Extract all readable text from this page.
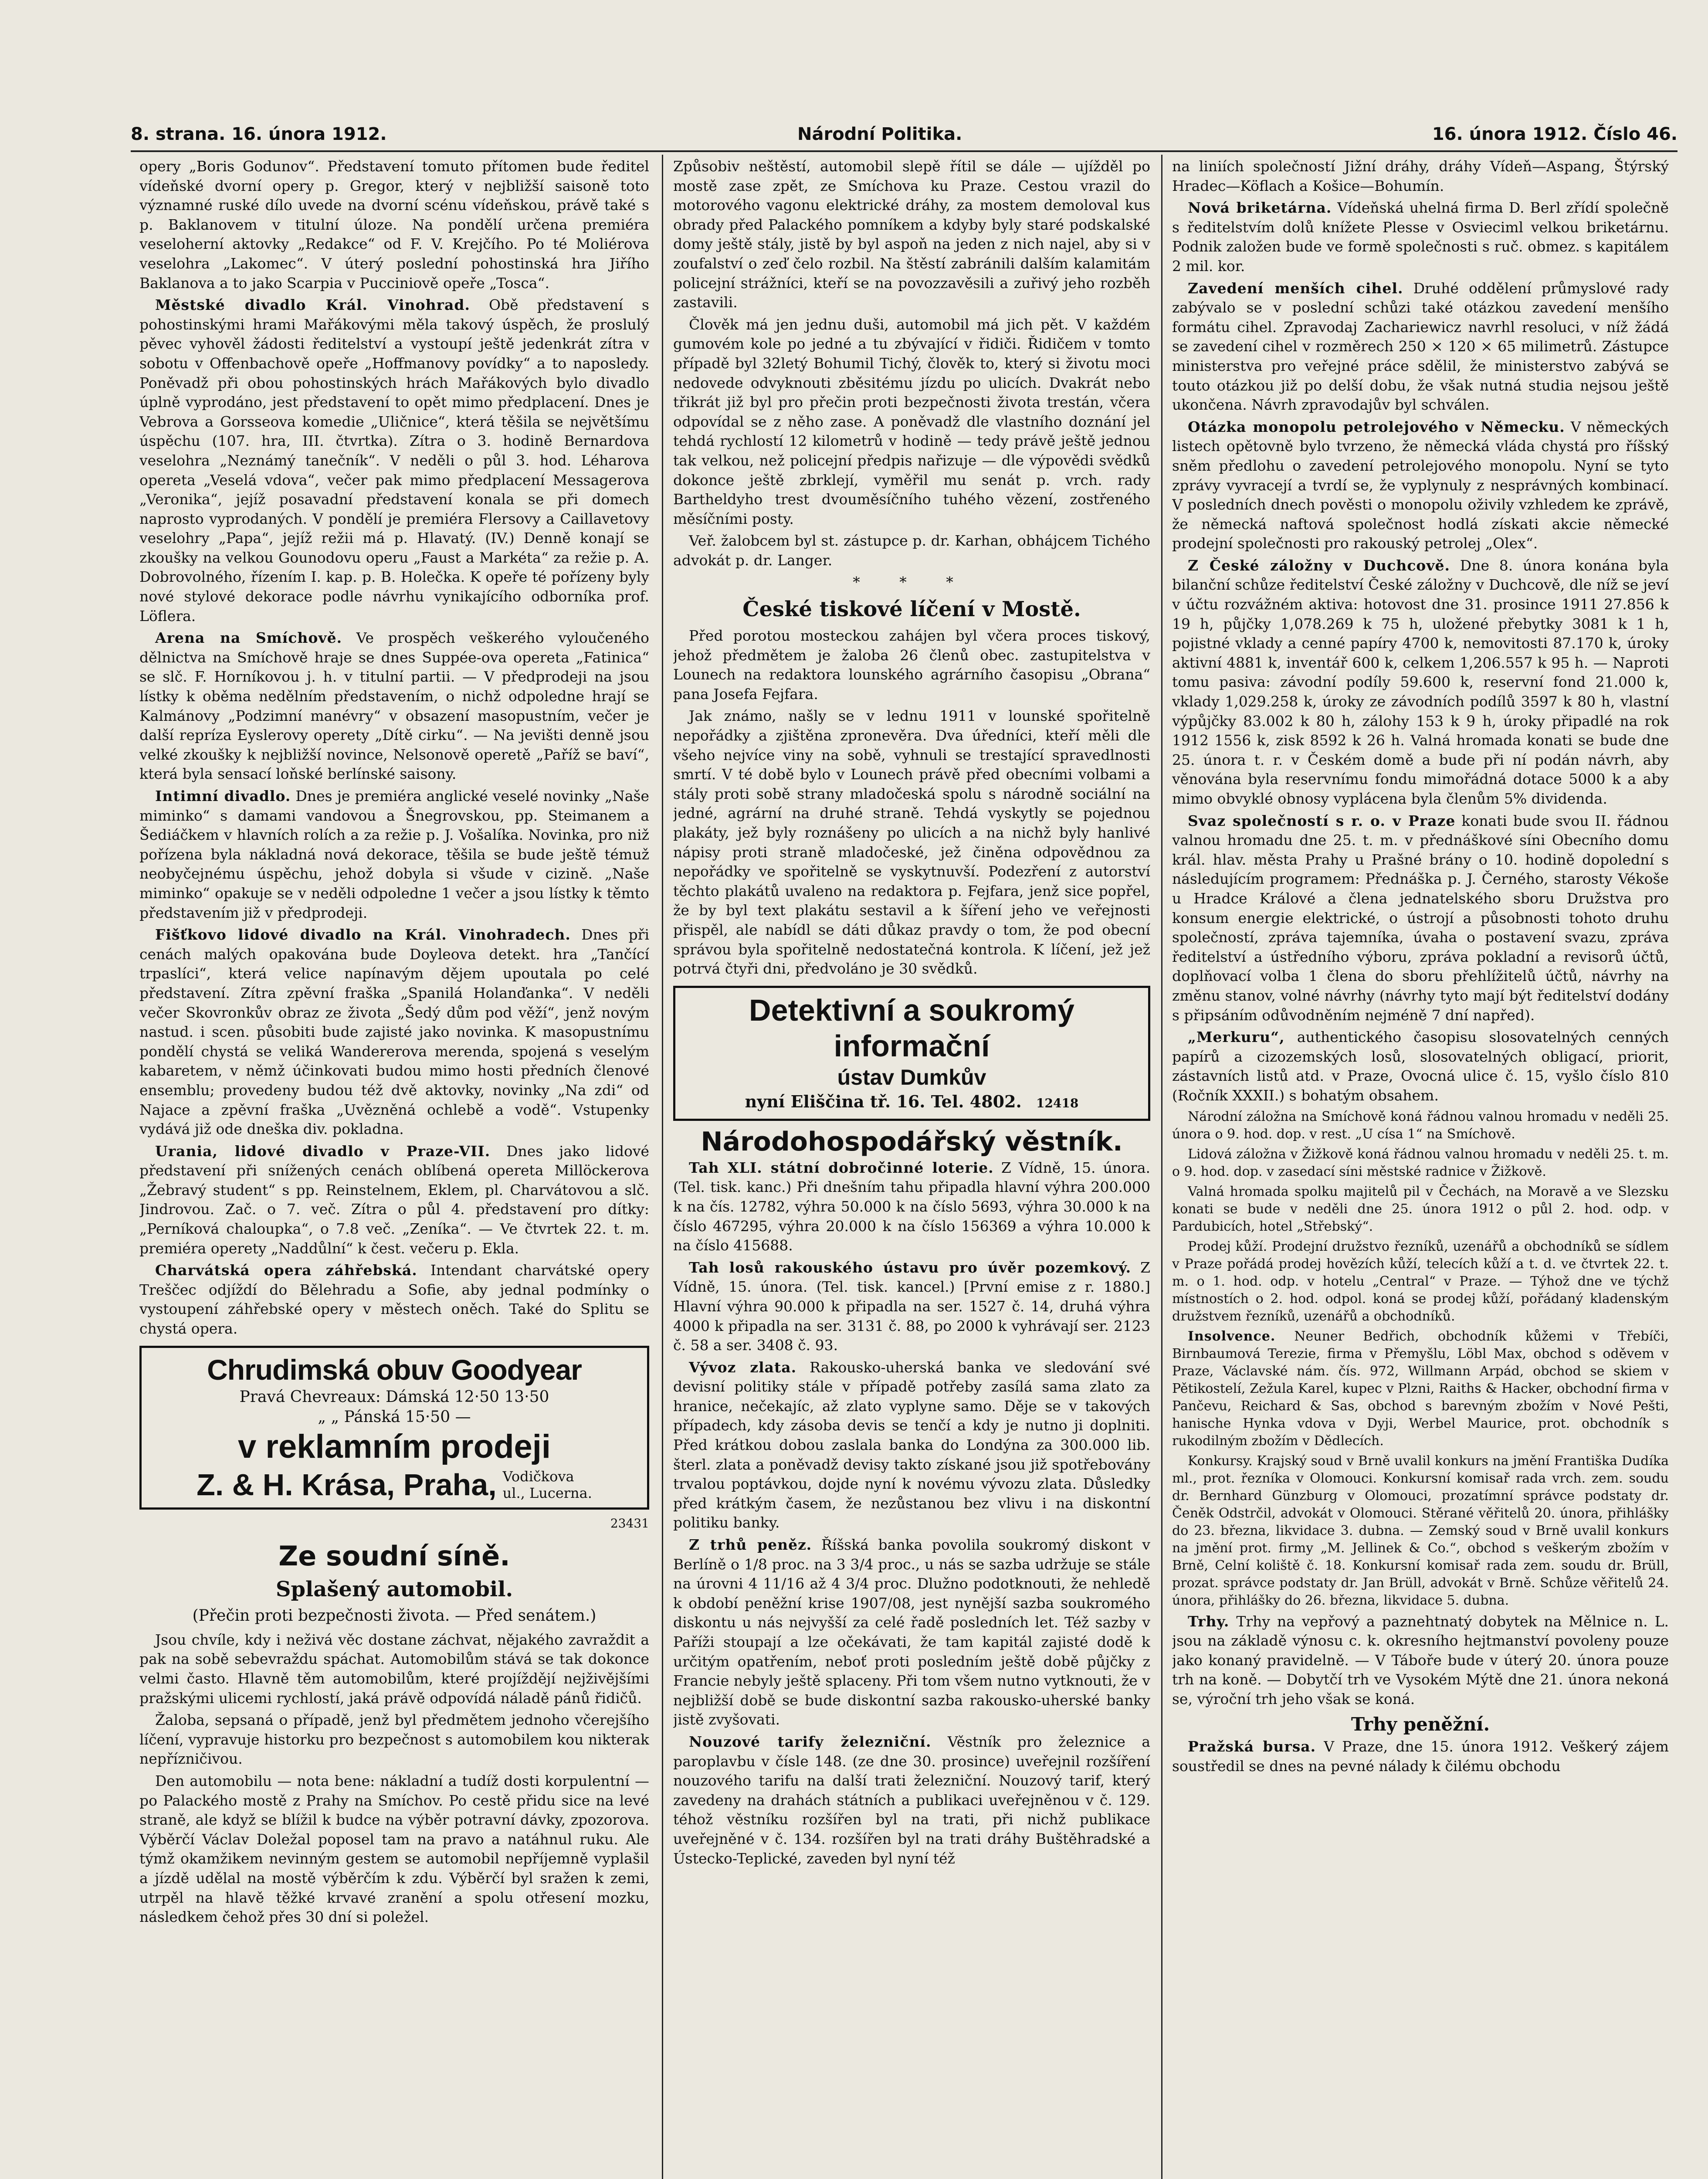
8. strana. 16. února 1912.	Národní Politika.	16. února 1912. Číslo 46.

opery „Boris Godunov“. Představení tomuto přítomen bude ředitel vídeňské dvorní opery p. Gregor, který v nejbližší saisoně toto významné ruské dílo uvede na dvorní scénu vídeňskou, právě také s p. Baklanovem v titulní úloze. Na pondělí určena premiéra veseloherní aktovky „Redakce“ od F. V. Krejčího. Po té Moliérova veselohra „Lakomec“. V úterý poslední pohostinská hra Jiřího Baklanova a to jako Scarpia v Pucciniově opeře „Tosca“.

Městské divadlo Král. Vinohrad. Obě představení s pohostinskými hrami Mařákovými měla takový úspěch, že proslulý pěvec vyhověl žádosti ředitelství a vystoupí ještě jedenkrát zítra v sobotu v Offenbachově opeře „Hoffmanovy povídky“ a to naposledy. Poněvadž při obou pohostinských hrách Mařákových bylo divadlo úplně vyprodáno, jest představení to opět mimo předplacení. Dnes je Vebrova a Gorsseova komedie „Uličnice“, která těšila se největšímu úspěchu (107. hra, III. čtvrtka). Zítra o 3. hodině Bernardova veselohra „Neznámý tanečník“. V neděli o půl 3. hod. Léharova opereta „Veselá vdova“, večer pak mimo předplacení Messagerova „Veronika“, jejíž posavadní představení konala se při domech naprosto vyprodaných. V pondělí je premiéra Flersovy a Caillavetovy veselohry „Papa“, jejíž režii má p. Hlavatý. (IV.) Denně konají se zkoušky na velkou Gounodovu operu „Faust a Markéta“ za režie p. A. Dobrovolného, řízením I. kap. p. B. Holečka. K opeře té pořízeny byly nové stylové dekorace podle návrhu vynikajícího odborníka prof. Löflera.

Arena na Smíchově. Ve prospěch veškerého vyloučeného dělnictva na Smíchově hraje se dnes Suppée-ova opereta „Fatinica“ se slč. F. Horníkovou j. h. v titulní partii. — V předprodeji na jsou lístky k oběma nedělním představením, o nichž odpoledne hrají se Kalmánovy „Podzimní manévry“ v obsazení masopustním, večer je další repríza Eyslerovy operety „Dítě cirku“. — Na jevišti denně jsou velké zkoušky k nejbližší novince, Nelsonově operetě „Paříž se baví“, která byla sensací loňské berlínské saisony.

Intimní divadlo. Dnes je premiéra anglické veselé novinky „Naše miminko“ s damami vandovou a Šnegrovskou, pp. Steimanem a Šediáčkem v hlavních rolích a za režie p. J. Vošalíka. Novinka, pro niž pořízena byla nákladná nová dekorace, těšila se bude ještě témuž neobyčejnému úspěchu, jehož dobyla si všude v cizině. „Naše miminko“ opakuje se v neděli odpoledne 1 večer a jsou lístky k těmto představením již v předprodeji.

Fišťkovo lidové divadlo na Král. Vinohradech. Dnes při cenách malých opakována bude Doyleova detekt. hra „Tančící trpaslíci“, která velice napínavým dějem upoutala po celé představení. Zítra zpěvní fraška „Spanilá Holanďanka“. V neděli večer Skovronkův obraz ze života „Šedý dům pod věží“, jenž novým nastud. i scen. působiti bude zajisté jako novinka. K masopustnímu pondělí chystá se veliká Wandererova merenda, spojená s veselým kabaretem, v němž účinkovati budou mimo hosti předních členové ensemblu; provedeny budou též dvě aktovky, novinky „Na zdi“ od Najace a zpěvní fraška „Uvězněná ochlebě a vodě“. Vstupenky vydává již ode dneška div. pokladna.

Urania, lidové divadlo v Praze-VII. Dnes jako lidové představení při snížených cenách oblíbená opereta Millöckerova „Žebravý student“ s pp. Reinstelnem, Eklem, pl. Charvátovou a slč. Jindrovou. Zač. o 7. več. Zítra o půl 4. představení pro dítky: „Perníková chaloupka“, o 7.8 več. „Zeníka“. — Ve čtvrtek 22. t. m. premiéra operety „Naddůlní“ k čest. večeru p. Ekla.

Charvátská opera záhřebská. Intendant charvátské opery Treščec odjíždí do Bělehradu a Sofie, aby jednal podmínky o vystoupení záhřebské opery v městech oněch. Také do Splitu se chystá opera.

Chrudimská obuv Goodyear
Pravá Chevreaux: Dámská 12·50 13·50
„ „ Pánská 15·50 —
v reklamním prodeji
Z. & H. Krása, Praha, Vodičkova
ul., Lucerna.
23431
Ze soudní síně.
Splašený automobil.
(Přečin proti bezpečnosti života. — Před senátem.)

Jsou chvíle, kdy i neživá věc dostane záchvat, nějakého zavraždit a pak na sobě sebevraždu spáchat. Automobilům stává se tak dokonce velmi často. Hlavně těm automobilům, které projíždějí nejživějšími pražskými ulicemi rychlostí, jaká právě odpovídá náladě pánů řidičů.

Žaloba, sepsaná o případě, jenž byl předmětem jednoho včerejšího líčení, vypravuje historku pro bezpečnost s automobilem kou nikterak nepřízničivou.

Den automobilu — nota bene: nákladní a tudíž dosti korpulentní — po Palackého mostě z Prahy na Smíchov. Po cestě přidu sice na levé straně, ale když se blížil k budce na výběr potravní dávky, zpozorova. Výběrčí Václav Doležal poposel tam na pravo a natáhnul ruku. Ale týmž okamžikem nevinným gestem se automobil nepříjemně vyplašil a jízdě udělal na mostě výběrčím k zdu. Výběrčí byl sražen k zemi, utrpěl na hlavě těžké krvavé zranění a spolu otřesení mozku, následkem čehož přes 30 dní si poležel.

Způsobiv neštěstí, automobil slepě řítil se dále — ujížděl po mostě zase zpět, ze Smíchova ku Praze. Cestou vrazil do motorového vagonu elektrické dráhy, za mostem demoloval kus obrady před Palackého pomníkem a kdyby byly staré podskalské domy ještě stály, jistě by byl aspoň na jeden z nich najel, aby si v zoufalství o zeď čelo rozbil. Na štěstí zabránili dalším kalamitám policejní strážníci, kteří se na povozzavěsili a zuřivý jeho rozběh zastavili.

Člověk má jen jednu duši, automobil má jich pět. V každém gumovém kole po jedné a tu zbývající v řidiči. Řidičem v tomto případě byl 32letý Bohumil Tichý, člověk to, který si životu moci nedovede odvyknouti zběsitému jízdu po ulicích. Dvakrát nebo třikrát již byl pro přečin proti bezpečnosti života trestán, včera odpovídal se z něho zase. A poněvadž dle vlastního doznání jel tehdá rychlostí 12 kilometrů v hodině — tedy právě ještě jednou tak velkou, než policejní předpis nařizuje — dle výpovědi svědků dokonce ještě zbrklejí, vyměřil mu senát p. vrch. rady Bartheldyho trest dvouměsíčního tuhého vězení, zostřeného měsíčními posty.

Veř. žalobcem byl st. zástupce p. dr. Karhan, obhájcem Tichého advokát p. dr. Langer.

* * *
České tiskové líčení v Mostě.

Před porotou mosteckou zahájen byl včera proces tiskový, jehož předmětem je žaloba 26 členů obec. zastupitelstva v Lounech na redaktora lounského agrárního časopisu „Obrana“ pana Josefa Fejfara.

Jak známo, našly se v lednu 1911 v lounské spořitelně nepořádky a zjištěna zpronevěra. Dva úředníci, kteří měli dle všeho nejvíce viny na sobě, vyhnuli se trestající spravedlnosti smrtí. V té době bylo v Lounech právě před obecními volbami a stály proti sobě strany mladočeská spolu s národně sociální na jedné, agrární na druhé straně. Tehdá vyskytly se pojednou plakáty, jež byly roznášeny po ulicích a na nichž byly hanlivé nápisy proti straně mladočeské, jež činěna odpovědnou za nepořádky ve spořitelně se vyskytnuvší. Podezření z autorství těchto plakátů uvaleno na redaktora p. Fejfara, jenž sice popřel, že by byl text plakátu sestavil a k šíření jeho ve veřejnosti přispěl, ale nabídl se dáti důkaz pravdy o tom, že pod obecní správou byla spořitelně nedostatečná kontrola. K líčení, jež jež potrvá čtyři dni, předvoláno je 30 svědků.

Detektivní a soukromý informační
ústav Dumkův
nyní Eliščina tř. 16. Tel. 4802. 12418
Národohospodářský věstník.

Tah XLI. státní dobročinné loterie. Z Vídně, 15. února. (Tel. tisk. kanc.) Při dnešním tahu připadla hlavní výhra 200.000 k na čís. 12782, výhra 50.000 k na číslo 5693, výhra 30.000 k na číslo 467295, výhra 20.000 k na číslo 156369 a výhra 10.000 k na číslo 415688.

Tah losů rakouského ústavu pro úvěr pozemkový. Z Vídně, 15. února. (Tel. tisk. kancel.) [První emise z r. 1880.] Hlavní výhra 90.000 k připadla na ser. 1527 č. 14, druhá výhra 4000 k připadla na ser. 3131 č. 88, po 2000 k vyhrávají ser. 2123 č. 58 a ser. 3408 č. 93.

Vývoz zlata. Rakousko-uherská banka ve sledování své devisní politiky stále v případě potřeby zasílá sama zlato za hranice, nečekajíc, až zlato vyplyne samo. Děje se v takových případech, kdy zásoba devis se tenčí a kdy je nutno ji doplniti. Před krátkou dobou zaslala banka do Londýna za 300.000 lib. šterl. zlata a poněvadž devisy takto získané jsou již spotřebovány trvalou poptávkou, dojde nyní k novému vývozu zlata. Důsledky před krátkým časem, že nezůstanou bez vlivu i na diskontní politiku banky.

Z trhů peněz. Říšská banka povolila soukromý diskont v Berlíně o 1/8 proc. na 3 3/4 proc., u nás se sazba udržuje se stále na úrovni 4 11/16 až 4 3/4 proc. Dlužno podotknouti, že nehledě k období peněžní krise 1907/08, jest nynější sazba soukromého diskontu u nás nejvyšší za celé řadě posledních let. Též sazby v Paříži stoupají a lze očekávati, že tam kapitál zajisté dodě k určitým opatřením, neboť proti posledním ještě době půjčky z Francie nebyly ještě splaceny. Při tom všem nutno vytknouti, že v nejbližší době se bude diskontní sazba rakousko-uherské banky jistě zvyšovati.

Nouzové tarify železniční. Věstník pro železnice a paroplavbu v čísle 148. (ze dne 30. prosince) uveřejnil rozšíření nouzového tarifu na další trati železniční. Nouzový tarif, který zavedeny na drahách státních a publikaci uveřejněnou v č. 129. téhož věstníku rozšířen byl na trati, při nichž publikace uveřejněné v č. 134. rozšířen byl na trati dráhy Buštěhradské a Ústecko-Teplické, zaveden byl nyní též

na liniích společností Jižní dráhy, dráhy Vídeň—Aspang, Štýrský Hradec—Köflach a Košice—Bohumín.

Nová briketárna. Vídeňská uhelná firma D. Berl zřídí společně s ředitelstvím dolů knížete Plesse v Osvieciml velkou briketárnu. Podnik založen bude ve formě společnosti s ruč. obmez. s kapitálem 2 mil. kor.

Zavedení menších cihel. Druhé oddělení průmyslové rady zabývalo se v poslední schůzi také otázkou zavedení menšího formátu cihel. Zpravodaj Zachariewicz navrhl resoluci, v níž žádá se zavedení cihel v rozměrech 250 × 120 × 65 milimetrů. Zástupce ministerstva pro veřejné práce sdělil, že ministerstvo zabývá se touto otázkou již po delší dobu, že však nutná studia nejsou ještě ukončena. Návrh zpravodajův byl schválen.

Otázka monopolu petrolejového v Německu. V německých listech opětovně bylo tvrzeno, že německá vláda chystá pro říšský sněm předlohu o zavedení petrolejového monopolu. Nyní se tyto zprávy vyvracejí a tvrdí se, že vyplynuly z nesprávných kombinací. V posledních dnech pověsti o monopolu oživily vzhledem ke zprávě, že německá naftová společnost hodlá získati akcie německé prodejní společnosti pro rakouský petrolej „Olex“.

Z České záložny v Duchcově. Dne 8. února konána byla bilanční schůze ředitelství České záložny v Duchcově, dle níž se jeví v účtu rozvážném aktiva: hotovost dne 31. prosince 1911 27.856 k 19 h, půjčky 1,078.269 k 75 h, uložené přebytky 3081 k 1 h, pojistné vklady a cenné papíry 4700 k, nemovitosti 87.170 k, úroky aktivní 4881 k, inventář 600 k, celkem 1,206.557 k 95 h. — Naproti tomu pasiva: závodní podíly 59.600 k, reservní fond 21.000 k, vklady 1,029.258 k, úroky ze závodních podílů 3597 k 80 h, vlastní výpůjčky 83.002 k 80 h, zálohy 153 k 9 h, úroky připadlé na rok 1912 1556 k, zisk 8592 k 26 h. Valná hromada konati se bude dne 25. února t. r. v Českém domě a bude při ní podán návrh, aby věnována byla reservnímu fondu mimořádná dotace 5000 k a aby mimo obvyklé obnosy vyplácena byla členům 5% dividenda.

Svaz společností s r. o. v Praze konati bude svou II. řádnou valnou hromadu dne 25. t. m. v přednáškové síni Obecního domu král. hlav. města Prahy u Prašné brány o 10. hodině dopolední s následujícím programem: Přednáška p. J. Černého, starosty Vékoše u Hradce Králové a člena jednatelského sboru Družstva pro konsum energie elektrické, o ústrojí a působnosti tohoto druhu společností, zpráva tajemníka, úvaha o postavení svazu, zpráva ředitelství a ústředního výboru, zpráva pokladní a revisorů účtů, doplňovací volba 1 člena do sboru přehlížitelů účtů, návrhy na změnu stanov, volné návrhy (návrhy tyto mají být ředitelství dodány s připsáním odůvodněním nejméně 7 dní napřed).

„Merkuru“, authentického časopisu slosovatelných cenných papírů a cizozemských losů, slosovatelných obligací, priorit, zástavních listů atd. v Praze, Ovocná ulice č. 15, vyšlo číslo 810 (Ročník XXXII.) s bohatým obsahem.

Národní záložna na Smíchově koná řádnou valnou hromadu v neděli 25. února o 9. hod. dop. v rest. „U císa 1“ na Smíchově.

Lidová záložna v Žižkově koná řádnou valnou hromadu v neděli 25. t. m. o 9. hod. dop. v zasedací síni městské radnice v Žižkově.

Valná hromada spolku majitelů pil v Čechách, na Moravě a ve Slezsku konati se bude v neděli dne 25. února 1912 o půl 2. hod. odp. v Pardubicích, hotel „Střebský“.

Prodej kůží. Prodejní družstvo řezníků, uzenářů a obchodníků se sídlem v Praze pořádá prodej hovězích kůží, telecích kůží a t. d. ve čtvrtek 22. t. m. o 1. hod. odp. v hotelu „Central“ v Praze. — Týhož dne ve týchž místnostích o 2. hod. odpol. koná se prodej kůží, pořádaný kladenským družstvem řezníků, uzenářů a obchodníků.

Insolvence. Neuner Bedřich, obchodník kůžemi v Třebíči, Birnbaumová Terezie, firma v Přemyšlu, Löbl Max, obchod s oděvem v Praze, Václavské nám. čís. 972, Willmann Arpád, obchod se skiem v Pětikostelí, Zežula Karel, kupec v Plzni, Raiths & Hacker, obchodní firma v Pančevu, Reichard & Sas, obchod s barevným zbožím v Nové Pešti, hanische Hynka vdova v Dyji, Werbel Maurice, prot. obchodník s rukodilným zbožím v Dědlecích.

Konkursy. Krajský soud v Brně uvalil konkurs na jmění Františka Dudíka ml., prot. řezníka v Olomouci. Konkursní komisař rada vrch. zem. soudu dr. Bernhard Günzburg v Olomouci, prozatímní správce podstaty dr. Čeněk Odstrčil, advokát v Olomouci. Stěrané věřitelů 20. února, přihlášky do 23. března, likvidace 3. dubna. — Zemský soud v Brně uvalil konkurs na jmění prot. firmy „M. Jellinek & Co.“, obchod s veškerým zbožím v Brně, Celní koliště č. 18. Konkursní komisař rada zem. soudu dr. Brüll, prozat. správce podstaty dr. Jan Brüll, advokát v Brně. Schůze věřitelů 24. února, přihlášky do 26. března, likvidace 5. dubna.

Trhy. Trhy na vepřový a paznehtnatý dobytek na Mělnice n. L. jsou na základě výnosu c. k. okresního hejtmanství povoleny pouze jako konaný pravidelně. — V Táboře bude v úterý 20. února pouze trh na koně. — Dobytčí trh ve Vysokém Mýtě dne 21. února nekoná se, výroční trh jeho však se koná.

Trhy peněžní.

Pražská bursa. V Praze, dne 15. února 1912. Veškerý zájem soustředil se dnes na pevné nálady k čilému obchodu
